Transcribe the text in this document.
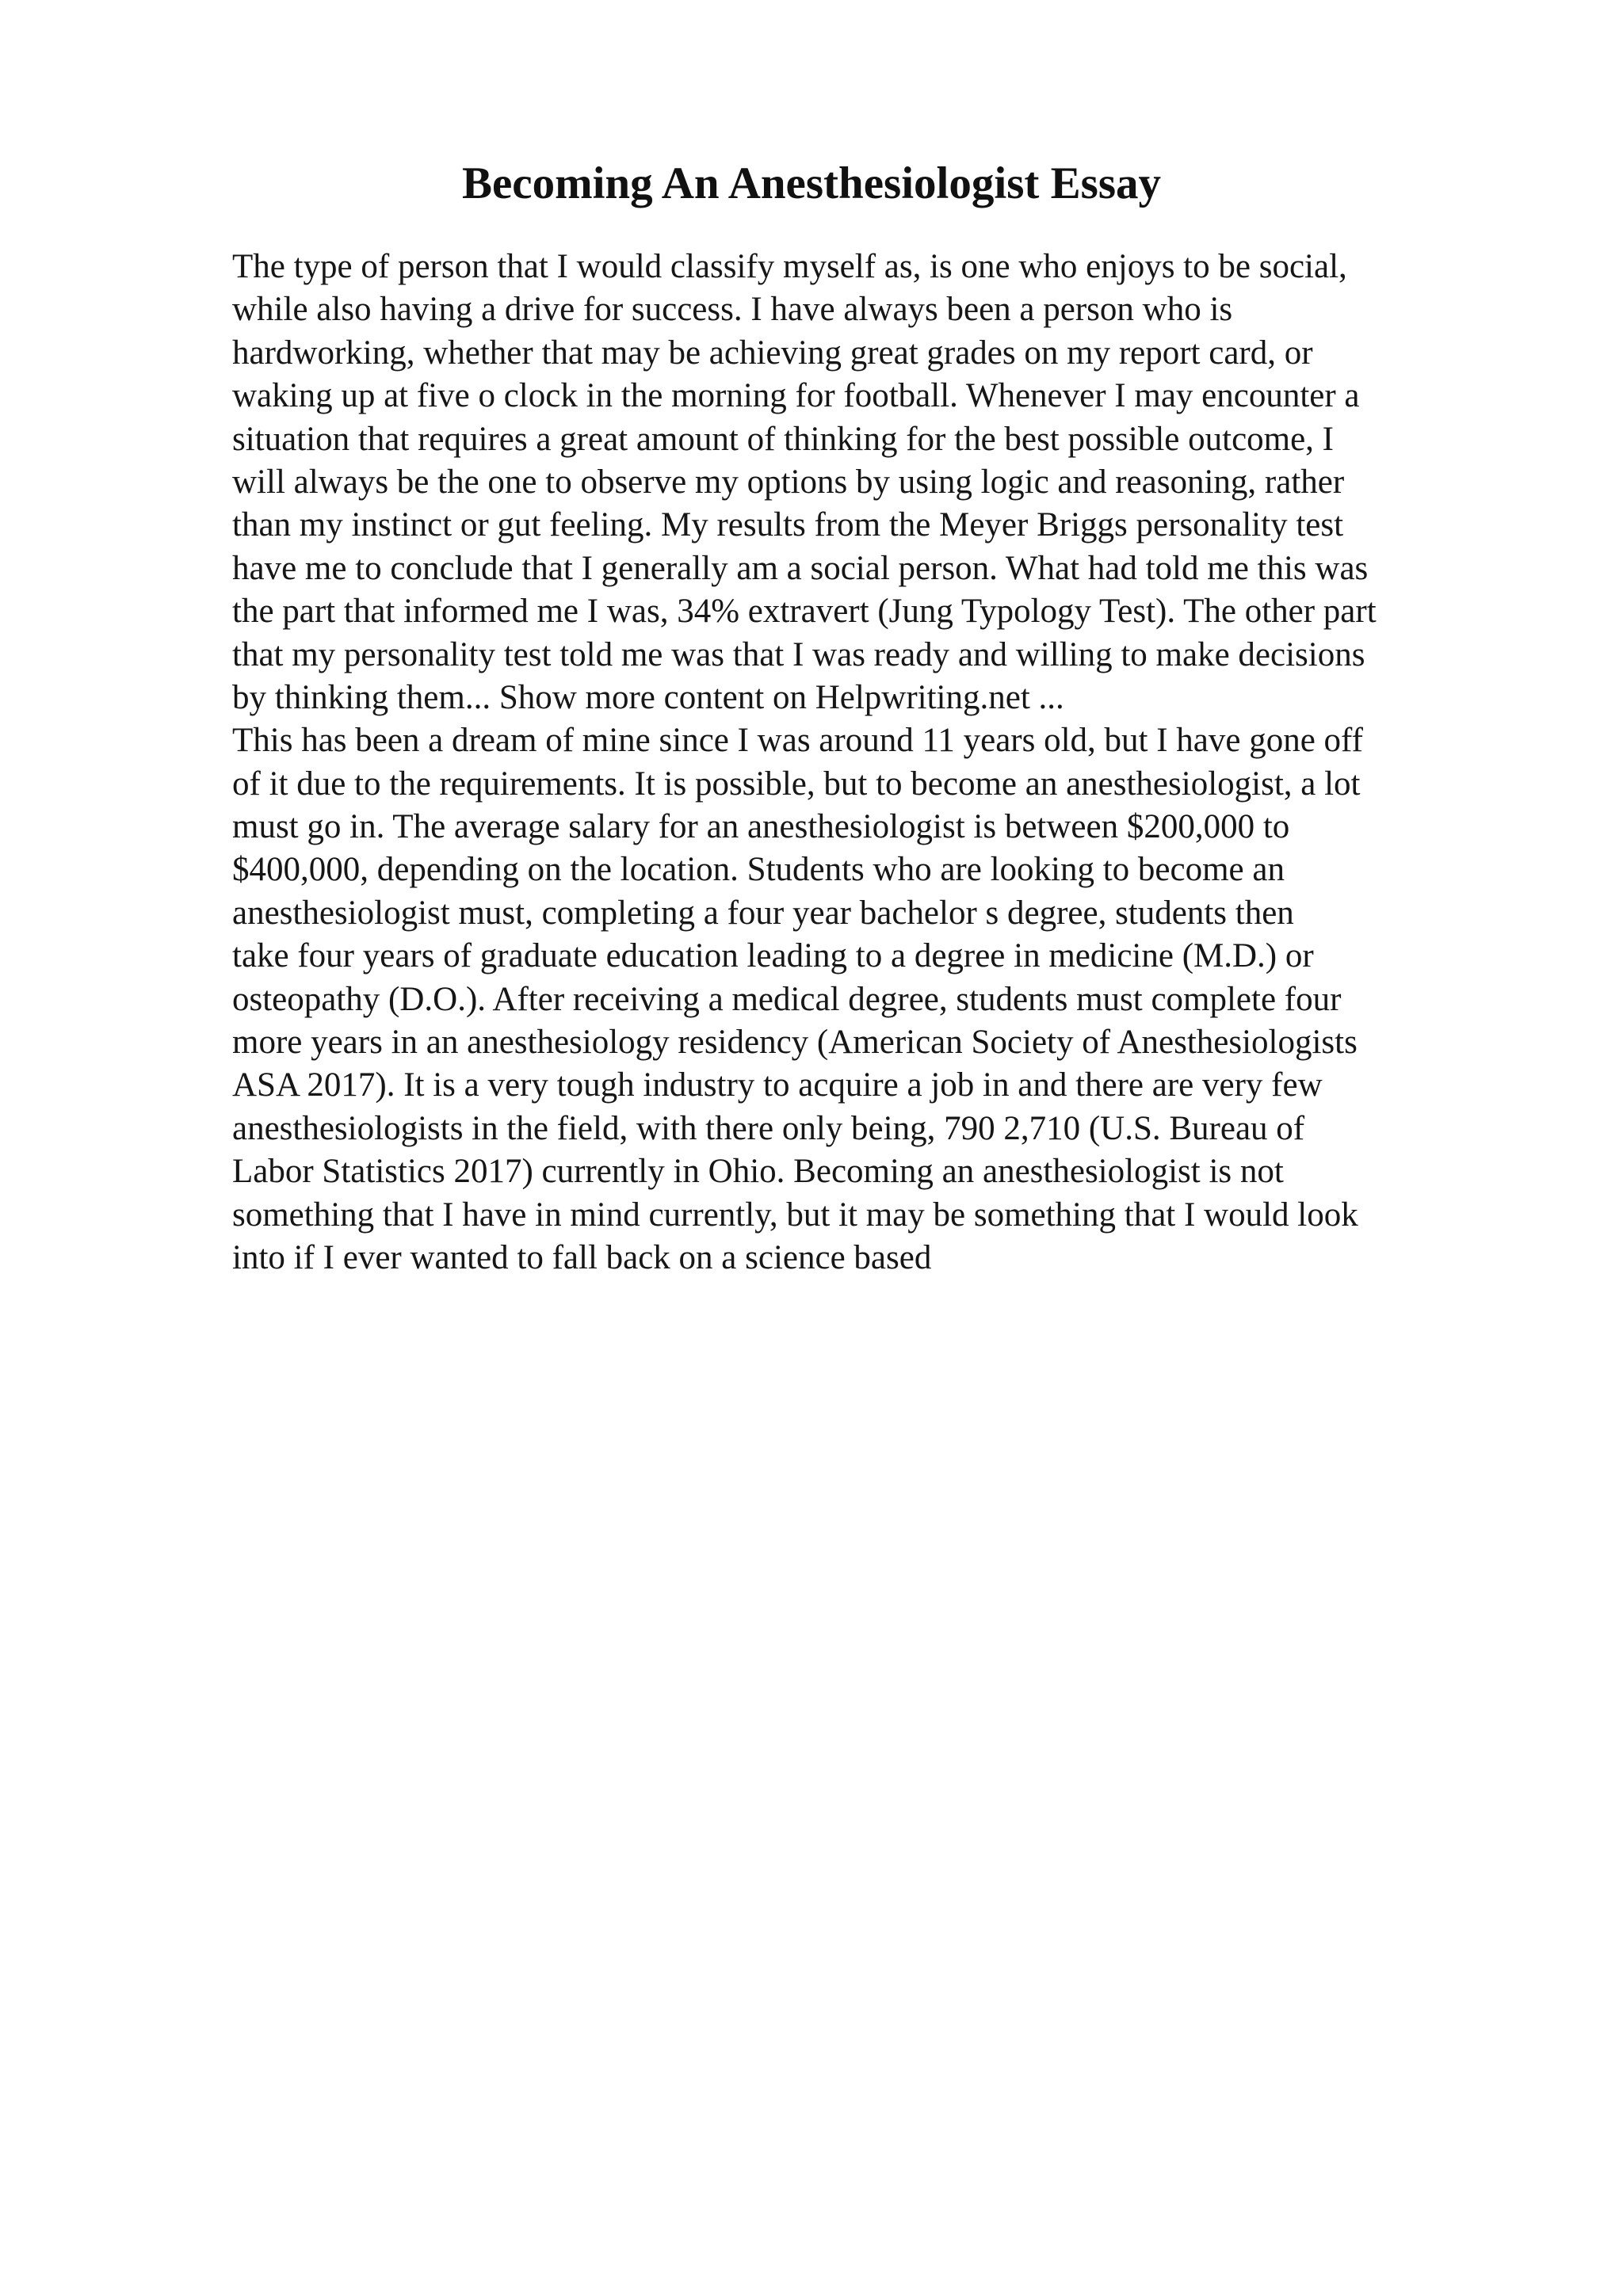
Becoming An Anesthesiologist Essay
The type of person that I would classify myself as, is one who enjoys to be social,
while also having a drive for success. I have always been a person who is
hardworking, whether that may be achieving great grades on my report card, or
waking up at five o clock in the morning for football. Whenever I may encounter a
situation that requires a great amount of thinking for the best possible outcome, I
will always be the one to observe my options by using logic and reasoning, rather
than my instinct or gut feeling. My results from the Meyer Briggs personality test
have me to conclude that I generally am a social person. What had told me this was
the part that informed me I was, 34% extravert (Jung Typology Test). The other part
that my personality test told me was that I was ready and willing to make decisions
by thinking them... Show more content on Helpwriting.net ...
This has been a dream of mine since I was around 11 years old, but I have gone off
of it due to the requirements. It is possible, but to become an anesthesiologist, a lot
must go in. The average salary for an anesthesiologist is between $200,000 to
$400,000, depending on the location. Students who are looking to become an
anesthesiologist must, completing a four year bachelor s degree, students then
take four years of graduate education leading to a degree in medicine (M.D.) or
osteopathy (D.O.). After receiving a medical degree, students must complete four
more years in an anesthesiology residency (American Society of Anesthesiologists
ASA 2017). It is a very tough industry to acquire a job in and there are very few
anesthesiologists in the field, with there only being, 790 2,710 (U.S. Bureau of
Labor Statistics 2017) currently in Ohio. Becoming an anesthesiologist is not
something that I have in mind currently, but it may be something that I would look
into if I ever wanted to fall back on a science based
